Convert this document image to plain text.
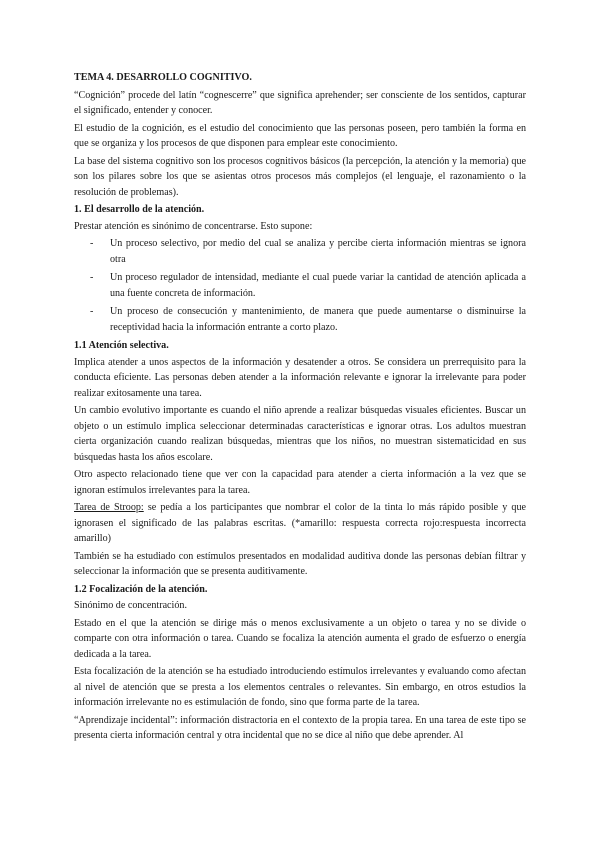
TEMA 4. DESARROLLO COGNITIVO.

“Cognición” procede del latín “cognescerre” que significa aprehender; ser consciente de los sentidos, capturar el significado, entender y conocer.

El estudio de la cognición, es el estudio del conocimiento que las personas poseen, pero también la forma en que se organiza y los procesos de que disponen para emplear este conocimiento.

La base del sistema cognitivo son los procesos cognitivos básicos (la percepción, la atención y la memoria) que son los pilares sobre los que se asientas otros procesos más complejos (el lenguaje, el razonamiento o la resolución de problemas).

1. El desarrollo de la atención.

Prestar atención es sinónimo de concentrarse. Esto supone:

- Un proceso selectivo, por medio del cual se analiza y percibe cierta información mientras se ignora otra
- Un proceso regulador de intensidad, mediante el cual puede variar la cantidad de atención aplicada a una fuente concreta de información.
- Un proceso de consecución y mantenimiento, de manera que puede aumentarse o disminuirse la receptividad hacia la información entrante a corto plazo.

1.1 Atención selectiva.

Implica atender a unos aspectos de la información y desatender a otros. Se considera un prerrequisito para la conducta eficiente. Las personas deben atender a la información relevante e ignorar la irrelevante para poder realizar exitosamente una tarea.

Un cambio evolutivo importante es cuando el niño aprende a realizar búsquedas visuales eficientes. Buscar un objeto o un estímulo implica seleccionar determinadas características e ignorar otras. Los adultos muestran cierta organización cuando realizan búsquedas, mientras que los niños, no muestran sistematicidad en sus búsquedas hasta los años escolare.

Otro aspecto relacionado tiene que ver con la capacidad para atender a cierta información a la vez que se ignoran estímulos irrelevantes para la tarea.

Tarea de Stroop: se pedía a los participantes que nombrar el color de la tinta lo más rápido posible y que ignorasen el significado de las palabras escritas. (*amarillo: respuesta correcta rojo:respuesta incorrecta amarillo)

También se ha estudiado con estímulos presentados en modalidad auditiva donde las personas debían filtrar y seleccionar la información que se presenta auditivamente.

1.2 Focalización de la atención.

Sinónimo de concentración.

Estado en el que la atención se dirige más o menos exclusivamente a un objeto o tarea y no se divide o comparte con otra información o tarea. Cuando se focaliza la atención aumenta el grado de esfuerzo o energía dedicada a la tarea.

Esta focalización de la atención se ha estudiado introduciendo estímulos irrelevantes y evaluando como afectan al nivel de atención que se presta a los elementos centrales o relevantes. Sin embargo, en otros estudios la información irrelevante no es estimulación de fondo, sino que forma parte de la tarea.

“Aprendizaje incidental”: información distractoria en el contexto de la propia tarea. En una tarea de este tipo se presenta cierta información central y otra incidental que no se dice al niño que debe aprender. Al
